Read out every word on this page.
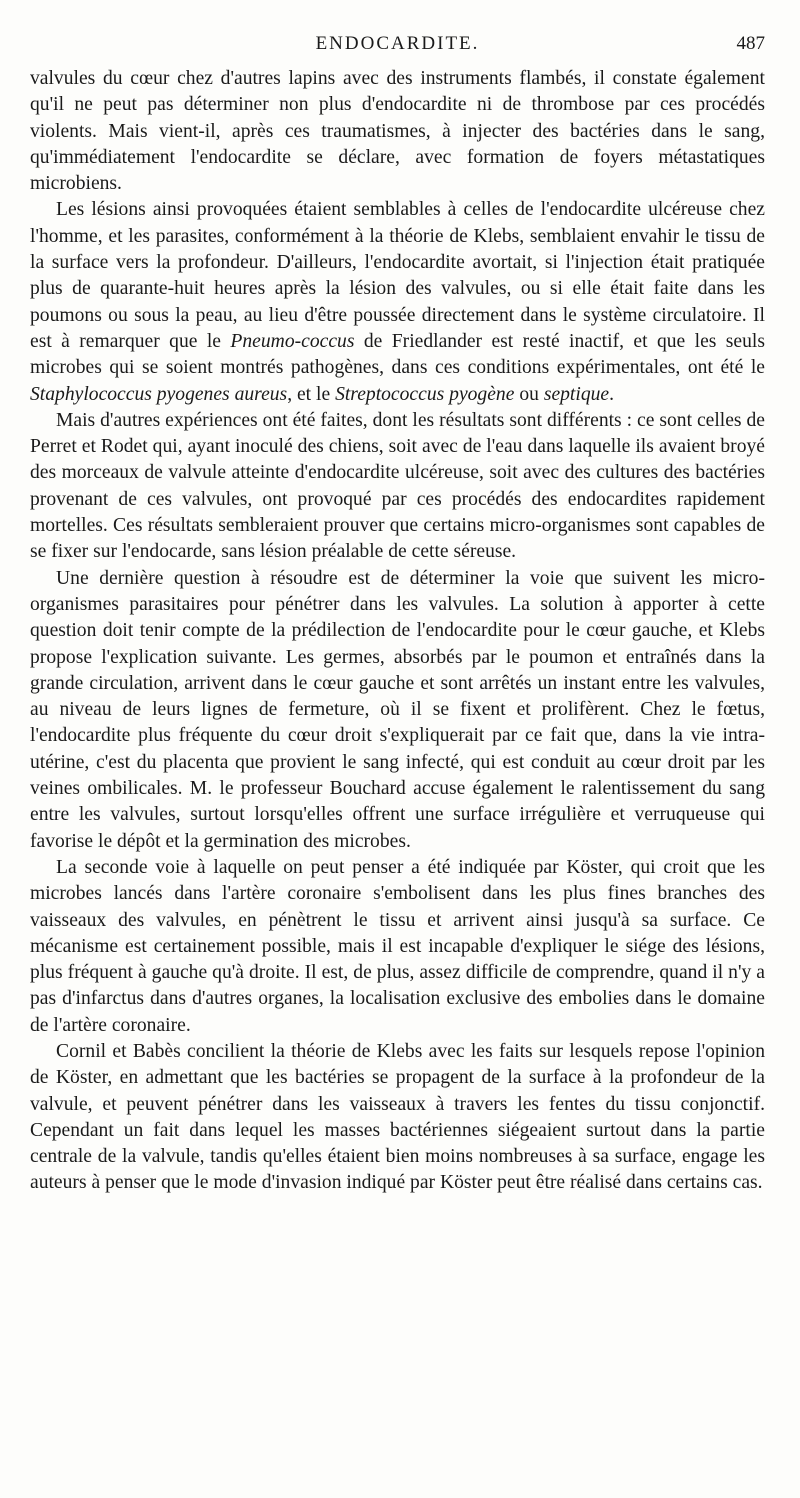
ENDOCARDITE.	487

valvules du cœur chez d'autres lapins avec des instruments flambés, il constate également qu'il ne peut pas déterminer non plus d'endocardite ni de thrombose par ces procédés violents. Mais vient-il, après ces traumatismes, à injecter des bactéries dans le sang, qu'immédiatement l'endocardite se déclare, avec formation de foyers métastatiques microbiens.

Les lésions ainsi provoquées étaient semblables à celles de l'endocardite ulcéreuse chez l'homme, et les parasites, conformément à la théorie de Klebs, semblaient envahir le tissu de la surface vers la profondeur. D'ailleurs, l'endocardite avortait, si l'injection était pratiquée plus de quarante-huit heures après la lésion des valvules, ou si elle était faite dans les poumons ou sous la peau, au lieu d'être poussée directement dans le système circulatoire. Il est à remarquer que le Pneumo-coccus de Friedlander est resté inactif, et que les seuls microbes qui se soient montrés pathogènes, dans ces conditions expérimentales, ont été le Staphylococcus pyogenes aureus, et le Streptococcus pyogène ou septique.

Mais d'autres expériences ont été faites, dont les résultats sont différents : ce sont celles de Perret et Rodet qui, ayant inoculé des chiens, soit avec de l'eau dans laquelle ils avaient broyé des morceaux de valvule atteinte d'endocardite ulcéreuse, soit avec des cultures des bactéries provenant de ces valvules, ont provoqué par ces procédés des endocardites rapidement mortelles. Ces résultats sembleraient prouver que certains micro-organismes sont capables de se fixer sur l'endocarde, sans lésion préalable de cette séreuse.

Une dernière question à résoudre est de déterminer la voie que suivent les micro-organismes parasitaires pour pénétrer dans les valvules. La solution à apporter à cette question doit tenir compte de la prédilection de l'endocardite pour le cœur gauche, et Klebs propose l'explication suivante. Les germes, absorbés par le poumon et entraînés dans la grande circulation, arrivent dans le cœur gauche et sont arrêtés un instant entre les valvules, au niveau de leurs lignes de fermeture, où il se fixent et prolifèrent. Chez le fœtus, l'endocardite plus fréquente du cœur droit s'expliquerait par ce fait que, dans la vie intra-utérine, c'est du placenta que provient le sang infecté, qui est conduit au cœur droit par les veines ombilicales. M. le professeur Bouchard accuse également le ralentissement du sang entre les valvules, surtout lorsqu'elles offrent une surface irrégulière et verruqueuse qui favorise le dépôt et la germination des microbes.

La seconde voie à laquelle on peut penser a été indiquée par Köster, qui croit que les microbes lancés dans l'artère coronaire s'embolisent dans les plus fines branches des vaisseaux des valvules, en pénètrent le tissu et arrivent ainsi jusqu'à sa surface. Ce mécanisme est certainement possible, mais il est incapable d'expliquer le siége des lésions, plus fréquent à gauche qu'à droite. Il est, de plus, assez difficile de comprendre, quand il n'y a pas d'infarctus dans d'autres organes, la localisation exclusive des embolies dans le domaine de l'artère coronaire.

Cornil et Babès concilient la théorie de Klebs avec les faits sur lesquels repose l'opinion de Köster, en admettant que les bactéries se propagent de la surface à la profondeur de la valvule, et peuvent pénétrer dans les vaisseaux à travers les fentes du tissu conjonctif. Cependant un fait dans lequel les masses bactériennes siégeaient surtout dans la partie centrale de la valvule, tandis qu'elles étaient bien moins nombreuses à sa surface, engage les auteurs à penser que le mode d'invasion indiqué par Köster peut être réalisé dans certains cas.
